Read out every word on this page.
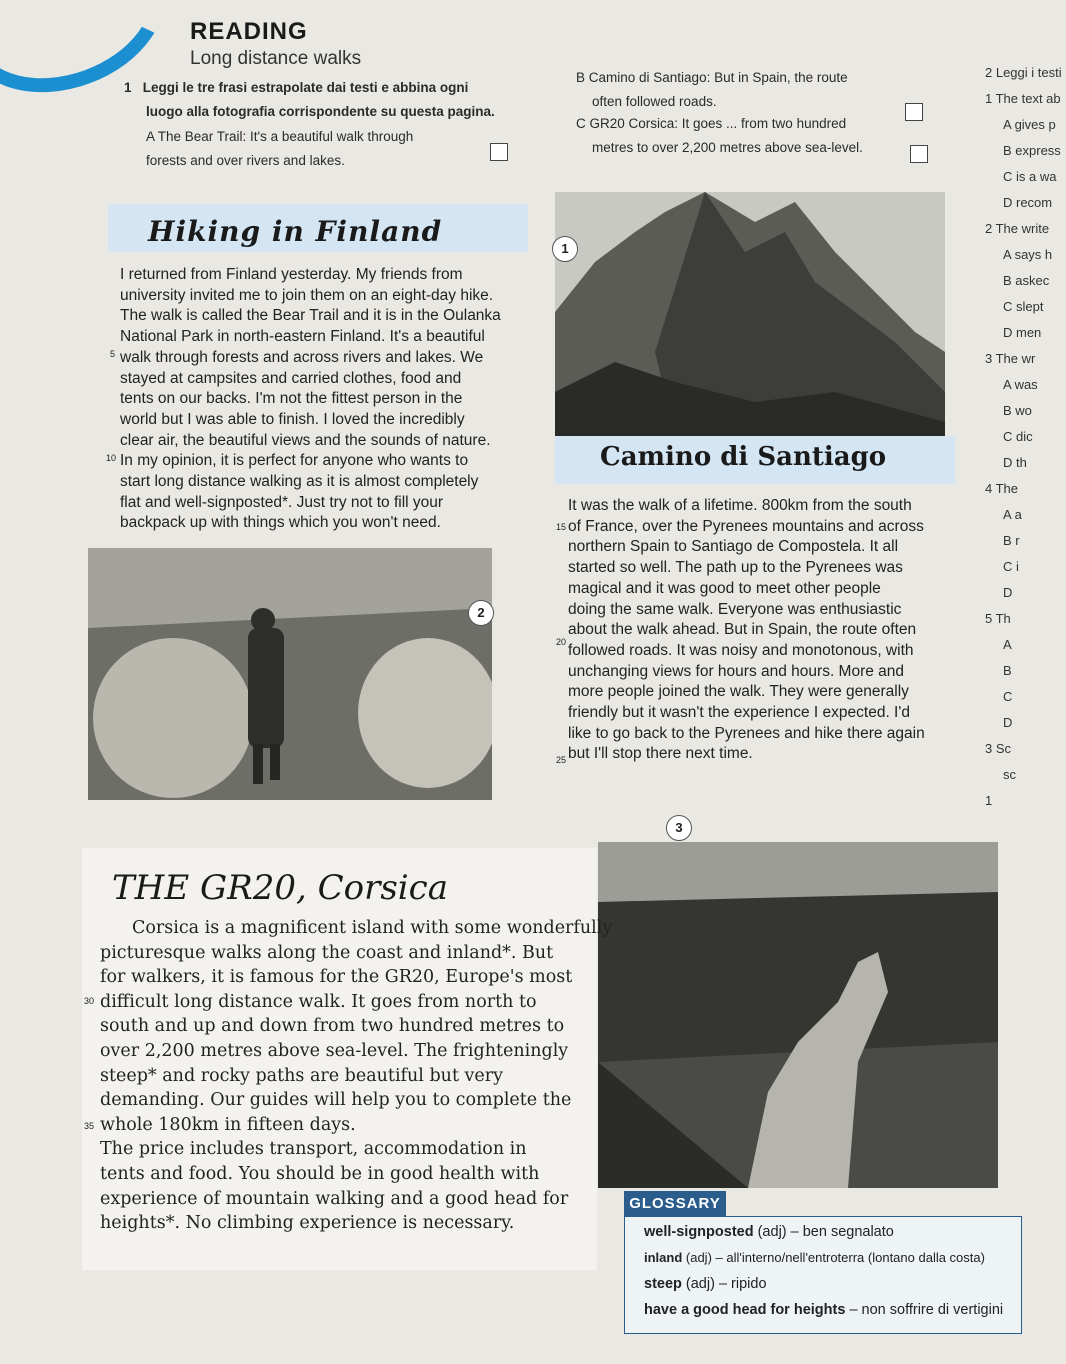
READING
Long distance walks
1 Leggi le tre frasi estrapolate dai testi e abbina ogni
luogo alla fotografia corrispondente su questa pagina.
A The Bear Trail: It's a beautiful walk through
forests and over rivers and lakes.
B Camino di Santiago: But in Spain, the route
often followed roads.
C GR20 Corsica: It goes ... from two hundred
metres to over 2,200 metres above sea-level.
2 Leggi i testi
1 The text ab
A gives p
B express
C is a wa
D recom
2 The write
A says h
B askec
C slept
D men
3 The wr
A was
B wo
C dic
D th
4 The
A a
B r
C i
D
5 Th
A
B
C
D
3 Sc
sc
1
Hiking in Finland
1
I returned from Finland yesterday. My friends from
university invited me to join them on an eight-day hike.
The walk is called the Bear Trail and it is in the Oulanka
National Park in north-eastern Finland. It's a beautiful
walk through forests and across rivers and lakes. We
stayed at campsites and carried clothes, food and
tents on our backs. I'm not the fittest person in the
world but I was able to finish. I loved the incredibly
clear air, the beautiful views and the sounds of nature.
In my opinion, it is perfect for anyone who wants to
start long distance walking as it is almost completely
flat and well-signposted*. Just try not to fill your
backpack up with things which you won't need.
5
10
2
Camino di Santiago
It was the walk of a lifetime. 800km from the south
of France, over the Pyrenees mountains and across
northern Spain to Santiago de Compostela. It all
started so well. The path up to the Pyrenees was
magical and it was good to meet other people
doing the same walk. Everyone was enthusiastic
about the walk ahead. But in Spain, the route often
followed roads. It was noisy and monotonous, with
unchanging views for hours and hours. More and
more people joined the walk. They were generally
friendly but it wasn't the experience I expected. I'd
like to go back to the Pyrenees and hike there again
but I'll stop there next time.
15
20
25
3
THE GR20, Corsica
Corsica is a magnificent island with some wonderfully
picturesque walks along the coast and inland*. But
for walkers, it is famous for the GR20, Europe's most
difficult long distance walk. It goes from north to
south and up and down from two hundred metres to
over 2,200 metres above sea-level. The frighteningly
steep* and rocky paths are beautiful but very
demanding. Our guides will help you to complete the
whole 180km in fifteen days.
The price includes transport, accommodation in
tents and food. You should be in good health with
experience of mountain walking and a good head for
heights*. No climbing experience is necessary.
30
35
GLOSSARY
well-signposted (adj) – ben segnalato
inland (adj) – all'interno/nell'entroterra (lontano dalla costa)
steep (adj) – ripido
have a good head for heights – non soffrire di vertigini
